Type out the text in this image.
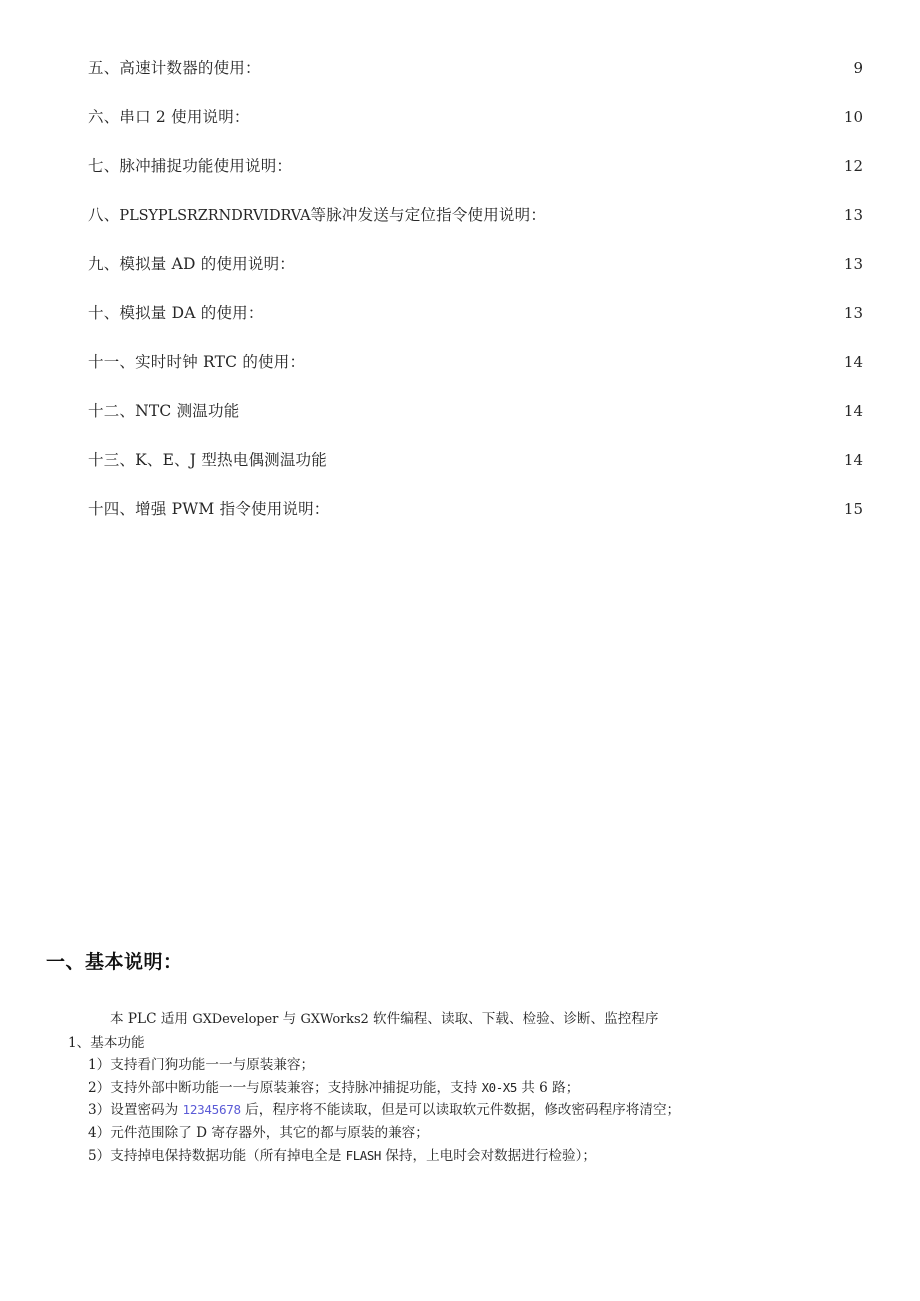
五、高速计数器的使用： . . .	9
六、串口 2 使用说明： . . .	10
七、脉冲捕捉功能使用说明： . . .	12
八、PLSYPLSRZRNDRVIDRVA等脉冲发送与定位指令使用说明： . . .	13
九、模拟量 AD 的使用说明： . . .	13
十、模拟量 DA 的使用： . . .	13
十一、实时时钟 RTC 的使用： . . .	14
十二、NTC 测温功能 . . .	14
十三、K、E、J 型热电偶测温功能 . . .	14
十四、增强 PWM 指令使用说明： . . .	15
一、基本说明：
本 PLC 适用 GXDeveloper 与 GXWorks2 软件编程、读取、下载、检验、诊断、监控程序
1、基本功能
1）支持看门狗功能一一与原装兼容；
2）支持外部中断功能一一与原装兼容；支持脉冲捕捉功能，支持 X0-X5 共 6 路；
3）设置密码为 12345678 后，程序将不能读取，但是可以读取软元件数据，修改密码程序将清空；
4）元件范围除了 D 寄存器外，其它的都与原装的兼容；
5）支持掉电保持数据功能（所有掉电全是 FLASH 保持，上电时会对数据进行检验）；
